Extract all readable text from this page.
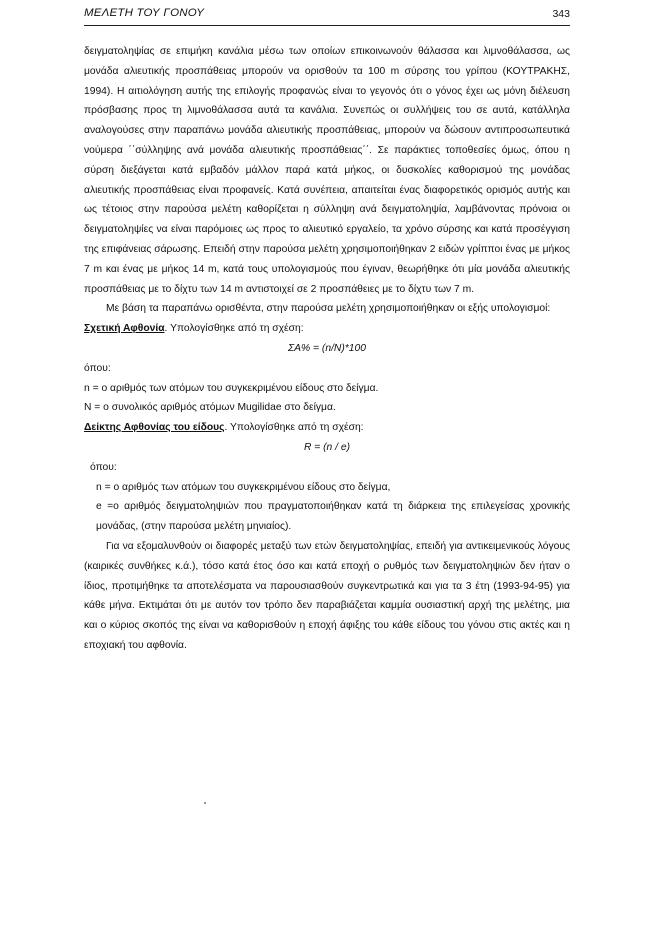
ΜΕΛΕΤΗ ΤΟΥ ΓΟΝΟΥ	343

δειγματοληψίας σε επιμήκη κανάλια μέσω των οποίων επικοινωνούν θάλασσα και λιμνοθάλασσα, ως μονάδα αλιευτικής προσπάθειας μπορούν να ορισθούν τα 100 m σύρσης του γρίπου (ΚΟΥΤΡΑΚΗΣ, 1994). Η αιτιολόγηση αυτής της επιλογής προφανώς είναι το γεγονός ότι ο γόνος έχει ως μόνη διέλευση πρόσβασης προς τη λιμνοθάλασσα αυτά τα κανάλια. Συνεπώς οι συλλήψεις του σε αυτά, κατάλληλα αναλογούσες στην παραπάνω μονάδα αλιευτικής προσπάθειας, μπορούν να δώσουν αντιπροσωπευτικά νούμερα ΄΄σύλληψης ανά μονάδα αλιευτικής προσπάθειας΄΄. Σε παράκτιες τοποθεσίες όμως, όπου η σύρση διεξάγεται κατά εμβαδόν μάλλον παρά κατά μήκος, οι δυσκολίες καθορισμού της μονάδας αλιευτικής προσπάθειας είναι προφανείς. Κατά συνέπεια, απαιτείται ένας διαφορετικός ορισμός αυτής και ως τέτοιος στην παρούσα μελέτη καθορίζεται η σύλληψη ανά δειγματοληψία, λαμβάνοντας πρόνοια οι δειγματοληψίες να είναι παρόμοιες ως προς το αλιευτικό εργαλείο, τα χρόνο σύρσης και κατά προσέγγιση της επιφάνειας σάρωσης. Επειδή στην παρούσα μελέτη χρησιμοποιήθηκαν 2 ειδών γρίπποι ένας με μήκος 7 m και ένας με μήκος 14 m, κατά τους υπολογισμούς που έγιναν, θεωρήθηκε ότι μία μονάδα αλιευτικής προσπάθειας με το δίχτυ των 14 m αντιστοιχεί σε 2 προσπάθειες με το δίχτυ των 7 m.

Με βάση τα παραπάνω ορισθέντα, στην παρούσα μελέτη χρησιμοποιήθηκαν οι εξής υπολογισμοί:

Σχετική Αφθονία. Υπολογίσθηκε από τη σχέση:

ΣΑ% = (n/N)*100

όπου:

n = ο αριθμός των ατόμων του συγκεκριμένου είδους στο δείγμα.

N = ο συνολικός αριθμός ατόμων Mugilidae στο δείγμα.

Δείκτης Αφθονίας του είδους. Υπολογίσθηκε από τη σχέση:

R = (n / e)

όπου:

n = ο αριθμός των ατόμων του συγκεκριμένου είδους στο δείγμα,

e =ο αριθμός δειγματοληψιών που πραγματοποιήθηκαν κατά τη διάρκεια της επιλεγείσας χρονικής μονάδας, (στην παρούσα μελέτη μηνιαίος).

Για να εξομαλυνθούν οι διαφορές μεταξύ των ετών δειγματοληψίας, επειδή για αντικειμενικούς λόγους (καιρικές συνθήκες κ.ά.), τόσο κατά έτος όσο και κατά εποχή ο ρυθμός των δειγματοληψιών δεν ήταν ο ίδιος, προτιμήθηκε τα αποτελέσματα να παρουσιασθούν συγκεντρωτικά και για τα 3 έτη (1993-94-95) για κάθε μήνα. Εκτιμάται ότι με αυτόν τον τρόπο δεν παραβιάζεται καμμία ουσιαστική αρχή της μελέτης, μια και ο κύριος σκοπός της είναι να καθορισθούν η εποχή άφιξης του κάθε είδους του γόνου στις ακτές και η εποχιακή του αφθονία.
